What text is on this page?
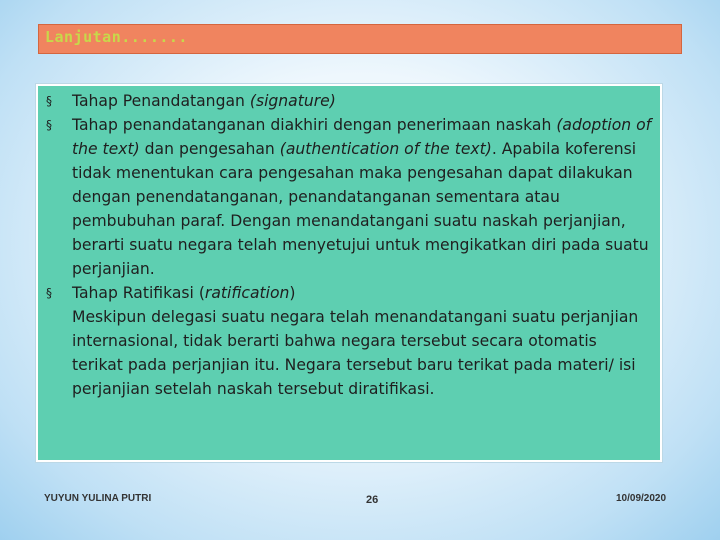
Lanjutan.......
§ Tahap Penandatangan (signature)
§ Tahap penandatanganan diakhiri dengan penerimaan naskah (adoption of the text) dan pengesahan (authentication of the text). Apabila koferensi tidak menentukan cara pengesahan maka pengesahan dapat dilakukan dengan penendatanganan, penandatanganan sementara atau pembubuhan paraf. Dengan menandatangani suatu naskah perjanjian, berarti suatu negara telah menyetujui untuk mengikatkan diri pada suatu perjanjian.
§ Tahap Ratifikasi (ratification)

Meskipun delegasi suatu negara telah menandatangani suatu perjanjian internasional, tidak berarti bahwa negara tersebut secara otomatis terikat pada perjanjian itu. Negara tersebut baru terikat pada materi/ isi perjanjian setelah naskah tersebut diratifikasi.

YUYUN YULINA PUTRI	26	10/09/2020
